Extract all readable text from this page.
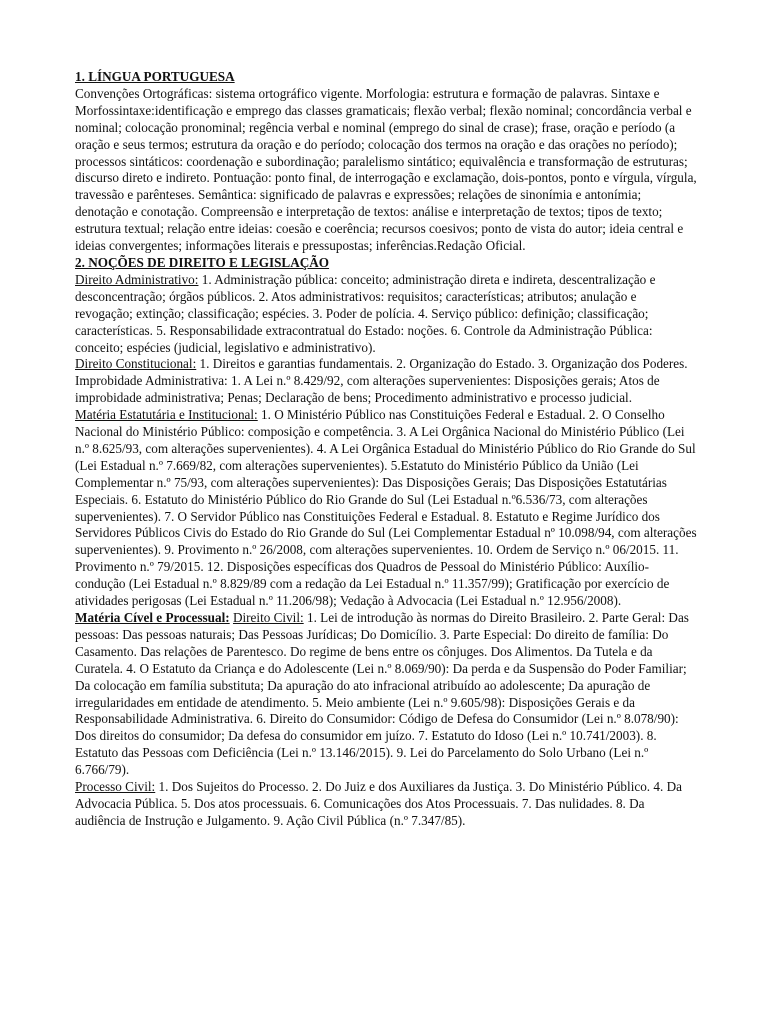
1. LÍNGUA PORTUGUESA

Convenções Ortográficas: sistema ortográfico vigente. Morfologia: estrutura e formação de palavras. Sintaxe e Morfossintaxe:identificação e emprego das classes gramaticais; flexão verbal; flexão nominal; concordância verbal e nominal; colocação pronominal; regência verbal e nominal (emprego do sinal de crase); frase, oração e período (a oração e seus termos; estrutura da oração e do período; colocação dos termos na oração e das orações no período); processos sintáticos: coordenação e subordinação; paralelismo sintático; equivalência e transformação de estruturas; discurso direto e indireto. Pontuação: ponto final, de interrogação e exclamação, dois-pontos, ponto e vírgula, vírgula, travessão e parênteses. Semântica: significado de palavras e expressões; relações de sinonímia e antonímia; denotação e conotação. Compreensão e interpretação de textos: análise e interpretação de textos; tipos de texto; estrutura textual; relação entre ideias: coesão e coerência; recursos coesivos; ponto de vista do autor; ideia central e ideias convergentes; informações literais e pressupostas; inferências.Redação Oficial.

2. NOÇÕES DE DIREITO E LEGISLAÇÃO

Direito Administrativo: 1. Administração pública: conceito; administração direta e indireta, descentralização e desconcentração; órgãos públicos. 2. Atos administrativos: requisitos; características; atributos; anulação e revogação; extinção; classificação; espécies. 3. Poder de polícia. 4. Serviço público: definição; classificação; características. 5. Responsabilidade extracontratual do Estado: noções. 6. Controle da Administração Pública: conceito; espécies (judicial, legislativo e administrativo).

Direito Constitucional: 1. Direitos e garantias fundamentais. 2. Organização do Estado. 3. Organização dos Poderes. Improbidade Administrativa: 1. A Lei n.º 8.429/92, com alterações supervenientes: Disposições gerais; Atos de improbidade administrativa; Penas; Declaração de bens; Procedimento administrativo e processo judicial.

Matéria Estatutária e Institucional: 1. O Ministério Público nas Constituições Federal e Estadual. 2. O Conselho Nacional do Ministério Público: composição e competência. 3. A Lei Orgânica Nacional do Ministério Público (Lei n.º 8.625/93, com alterações supervenientes). 4. A Lei Orgânica Estadual do Ministério Público do Rio Grande do Sul (Lei Estadual n.º 7.669/82, com alterações supervenientes). 5.Estatuto do Ministério Público da União (Lei Complementar n.º 75/93, com alterações supervenientes): Das Disposições Gerais; Das Disposições Estatutárias Especiais. 6. Estatuto do Ministério Público do Rio Grande do Sul (Lei Estadual n.º6.536/73, com alterações supervenientes). 7. O Servidor Público nas Constituições Federal e Estadual. 8. Estatuto e Regime Jurídico dos Servidores Públicos Civis do Estado do Rio Grande do Sul (Lei Complementar Estadual nº 10.098/94, com alterações supervenientes). 9. Provimento n.º 26/2008, com alterações supervenientes. 10. Ordem de Serviço n.º 06/2015. 11. Provimento n.º 79/2015. 12. Disposições específicas dos Quadros de Pessoal do Ministério Público: Auxílio-condução (Lei Estadual n.º 8.829/89 com a redação da Lei Estadual n.º 11.357/99); Gratificação por exercício de atividades perigosas (Lei Estadual n.º 11.206/98); Vedação à Advocacia (Lei Estadual n.º 12.956/2008).

Matéria Cível e Processual: Direito Civil: 1. Lei de introdução às normas do Direito Brasileiro. 2. Parte Geral: Das pessoas: Das pessoas naturais; Das Pessoas Jurídicas; Do Domicílio. 3. Parte Especial: Do direito de família: Do Casamento. Das relações de Parentesco. Do regime de bens entre os cônjuges. Dos Alimentos. Da Tutela e da Curatela. 4. O Estatuto da Criança e do Adolescente (Lei n.º 8.069/90): Da perda e da Suspensão do Poder Familiar; Da colocação em família substituta; Da apuração do ato infracional atribuído ao adolescente; Da apuração de irregularidades em entidade de atendimento. 5. Meio ambiente (Lei n.º 9.605/98): Disposições Gerais e da Responsabilidade Administrativa. 6. Direito do Consumidor: Código de Defesa do Consumidor (Lei n.º 8.078/90): Dos direitos do consumidor; Da defesa do consumidor em juízo. 7. Estatuto do Idoso (Lei n.º 10.741/2003). 8. Estatuto das Pessoas com Deficiência (Lei n.º 13.146/2015). 9. Lei do Parcelamento do Solo Urbano (Lei n.º 6.766/79).

Processo Civil: 1. Dos Sujeitos do Processo. 2. Do Juiz e dos Auxiliares da Justiça. 3. Do Ministério Público. 4. Da Advocacia Pública. 5. Dos atos processuais. 6. Comunicações dos Atos Processuais. 7. Das nulidades. 8. Da audiência de Instrução e Julgamento. 9. Ação Civil Pública (n.º 7.347/85).
